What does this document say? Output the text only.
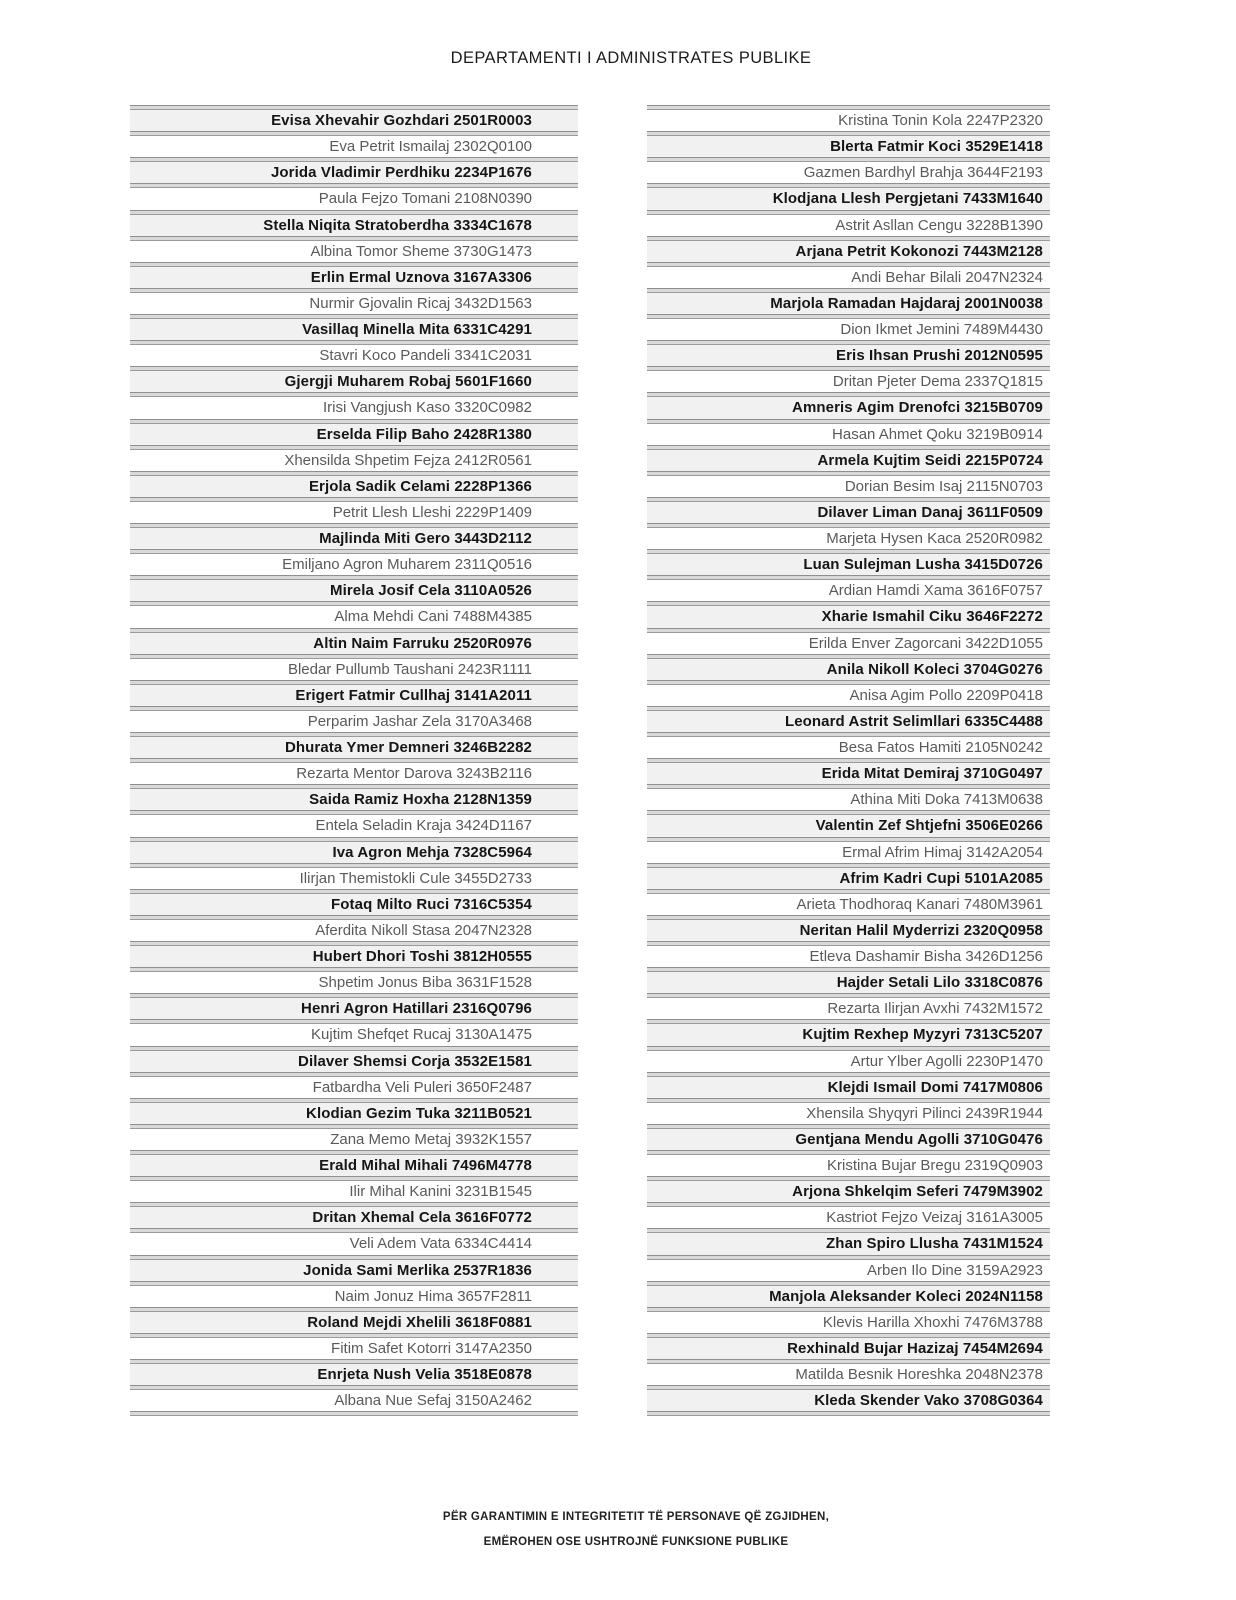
DEPARTAMENTI I ADMINISTRATES PUBLIKE
Evisa Xhevahir Gozhdari 2501R0003
Eva Petrit Ismailaj 2302Q0100
Jorida Vladimir Perdhiku 2234P1676
Paula Fejzo Tomani 2108N0390
Stella Niqita Stratoberdha 3334C1678
Albina Tomor Sheme 3730G1473
Erlin Ermal Uznova 3167A3306
Nurmir Gjovalin Ricaj 3432D1563
Vasillaq Minella Mita 6331C4291
Stavri Koco Pandeli 3341C2031
Gjergji Muharem Robaj 5601F1660
Irisi Vangjush Kaso 3320C0982
Erselda Filip Baho 2428R1380
Xhensilda Shpetim Fejza 2412R0561
Erjola Sadik Celami 2228P1366
Petrit Llesh Lleshi 2229P1409
Majlinda Miti Gero 3443D2112
Emiljano Agron Muharem 2311Q0516
Mirela Josif Cela 3110A0526
Alma Mehdi Cani 7488M4385
Altin Naim Farruku 2520R0976
Bledar Pullumb Taushani 2423R1111
Erigert Fatmir Cullhaj 3141A2011
Perparim Jashar Zela 3170A3468
Dhurata Ymer Demneri 3246B2282
Rezarta Mentor Darova 3243B2116
Saida Ramiz Hoxha 2128N1359
Entela Seladin Kraja 3424D1167
Iva Agron Mehja 7328C5964
Ilirjan Themistokli Cule 3455D2733
Fotaq Milto Ruci 7316C5354
Aferdita Nikoll Stasa 2047N2328
Hubert Dhori Toshi 3812H0555
Shpetim Jonus Biba 3631F1528
Henri Agron Hatillari 2316Q0796
Kujtim Shefqet Rucaj 3130A1475
Dilaver Shemsi Corja 3532E1581
Fatbardha Veli Puleri 3650F2487
Klodian Gezim Tuka 3211B0521
Zana Memo Metaj 3932K1557
Erald Mihal Mihali 7496M4778
Ilir Mihal Kanini 3231B1545
Dritan Xhemal Cela 3616F0772
Veli Adem Vata 6334C4414
Jonida Sami Merlika 2537R1836
Naim Jonuz Hima 3657F2811
Roland Mejdi Xhelili 3618F0881
Fitim Safet Kotorri 3147A2350
Enrjeta Nush Velia 3518E0878
Albana Nue Sefaj 3150A2462
Kristina Tonin Kola 2247P2320
Blerta Fatmir Koci 3529E1418
Gazmen Bardhyl Brahja 3644F2193
Klodjana Llesh Pergjetani 7433M1640
Astrit Asllan Cengu 3228B1390
Arjana Petrit Kokonozi 7443M2128
Andi Behar Bilali 2047N2324
Marjola Ramadan Hajdaraj 2001N0038
Dion Ikmet Jemini 7489M4430
Eris Ihsan Prushi 2012N0595
Dritan Pjeter Dema 2337Q1815
Amneris Agim Drenofci 3215B0709
Hasan Ahmet Qoku 3219B0914
Armela Kujtim Seidi 2215P0724
Dorian Besim Isaj 2115N0703
Dilaver Liman Danaj 3611F0509
Marjeta Hysen Kaca 2520R0982
Luan Sulejman Lusha 3415D0726
Ardian Hamdi Xama 3616F0757
Xharie Ismahil Ciku 3646F2272
Erilda Enver Zagorcani 3422D1055
Anila Nikoll Koleci 3704G0276
Anisa Agim Pollo 2209P0418
Leonard Astrit Selimllari 6335C4488
Besa Fatos Hamiti 2105N0242
Erida Mitat Demiraj 3710G0497
Athina Miti Doka 7413M0638
Valentin Zef Shtjefni 3506E0266
Ermal Afrim Himaj 3142A2054
Afrim Kadri Cupi 5101A2085
Arieta Thodhoraq Kanari 7480M3961
Neritan Halil Myderrizi 2320Q0958
Etleva Dashamir Bisha 3426D1256
Hajder Setali Lilo 3318C0876
Rezarta Ilirjan Avxhi 7432M1572
Kujtim Rexhep Myzyri 7313C5207
Artur Ylber Agolli 2230P1470
Klejdi Ismail Domi 7417M0806
Xhensila Shyqyri Pilinci 2439R1944
Gentjana Mendu Agolli 3710G0476
Kristina Bujar Bregu 2319Q0903
Arjona Shkelqim Seferi 7479M3902
Kastriot Fejzo Veizaj 3161A3005
Zhan Spiro Llusha 7431M1524
Arben Ilo Dine 3159A2923
Manjola Aleksander Koleci 2024N1158
Klevis Harilla Xhoxhi 7476M3788
Rexhinald Bujar Hazizaj 7454M2694
Matilda Besnik Horeshka 2048N2378
Kleda Skender Vako 3708G0364
PËR GARANTIMIN E INTEGRITETIT TË PERSONAVE QË ZGJIDHEN,
EMËROHEN OSE USHTROJNË FUNKSIONE PUBLIKE
